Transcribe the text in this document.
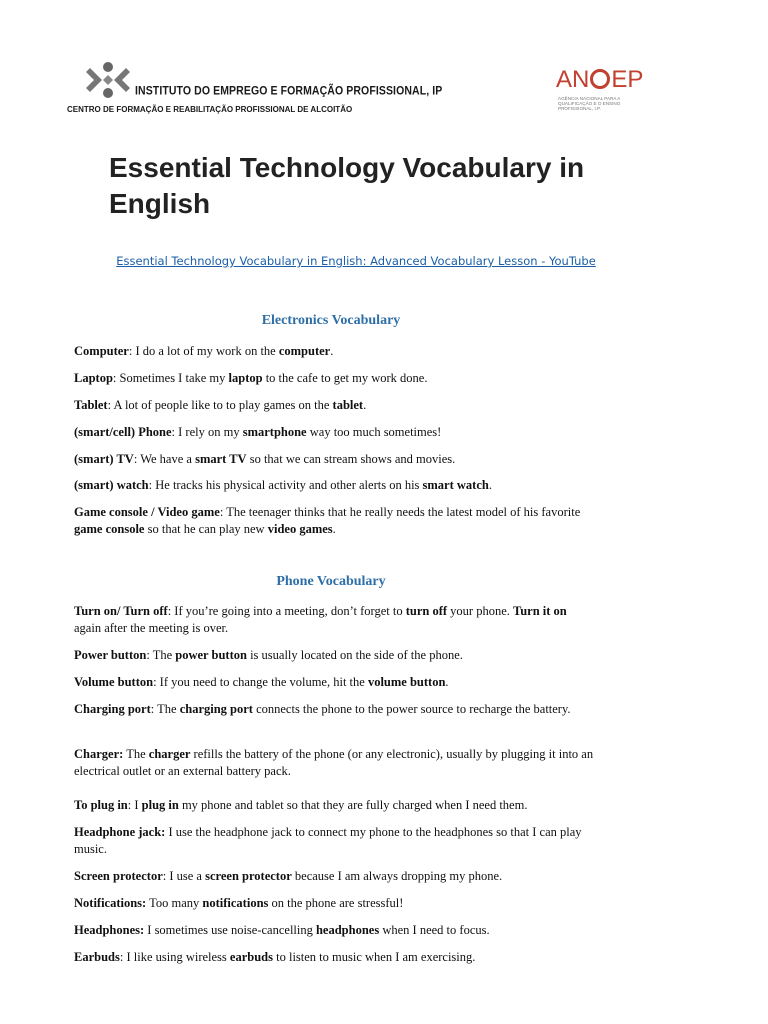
INSTITUTO DO EMPREGO E FORMAÇÃO PROFISSIONAL, IP
CENTRO DE FORMAÇÃO E REABILITAÇÃO PROFISSIONAL DE ALCOITÃO
AN EP
AGÊNCIA NACIONAL PARA A QUALIFICAÇÃO E O ENSINO PROFISSIONAL, I.P.
Essential Technology Vocabulary in English
Essential Technology Vocabulary in English: Advanced Vocabulary Lesson - YouTube
Electronics Vocabulary
Computer: I do a lot of my work on the computer.
Laptop: Sometimes I take my laptop to the cafe to get my work done.
Tablet: A lot of people like to to play games on the tablet.
(smart/cell) Phone: I rely on my smartphone way too much sometimes!
(smart) TV: We have a smart TV so that we can stream shows and movies.
(smart) watch: He tracks his physical activity and other alerts on his smart watch.
Game console / Video game: The teenager thinks that he really needs the latest model of his favorite game console so that he can play new video games.
Phone Vocabulary
Turn on/ Turn off: If you’re going into a meeting, don’t forget to turn off your phone. Turn it on again after the meeting is over.
Power button: The power button is usually located on the side of the phone.
Volume button: If you need to change the volume, hit the volume button.
Charging port: The charging port connects the phone to the power source to recharge the battery.
Charger: The charger refills the battery of the phone (or any electronic), usually by plugging it into an electrical outlet or an external battery pack.
To plug in: I plug in my phone and tablet so that they are fully charged when I need them.
Headphone jack: I use the headphone jack to connect my phone to the headphones so that I can play music.
Screen protector: I use a screen protector because I am always dropping my phone.
Notifications: Too many notifications on the phone are stressful!
Headphones: I sometimes use noise-cancelling headphones when I need to focus.
Earbuds: I like using wireless earbuds to listen to music when I am exercising.
